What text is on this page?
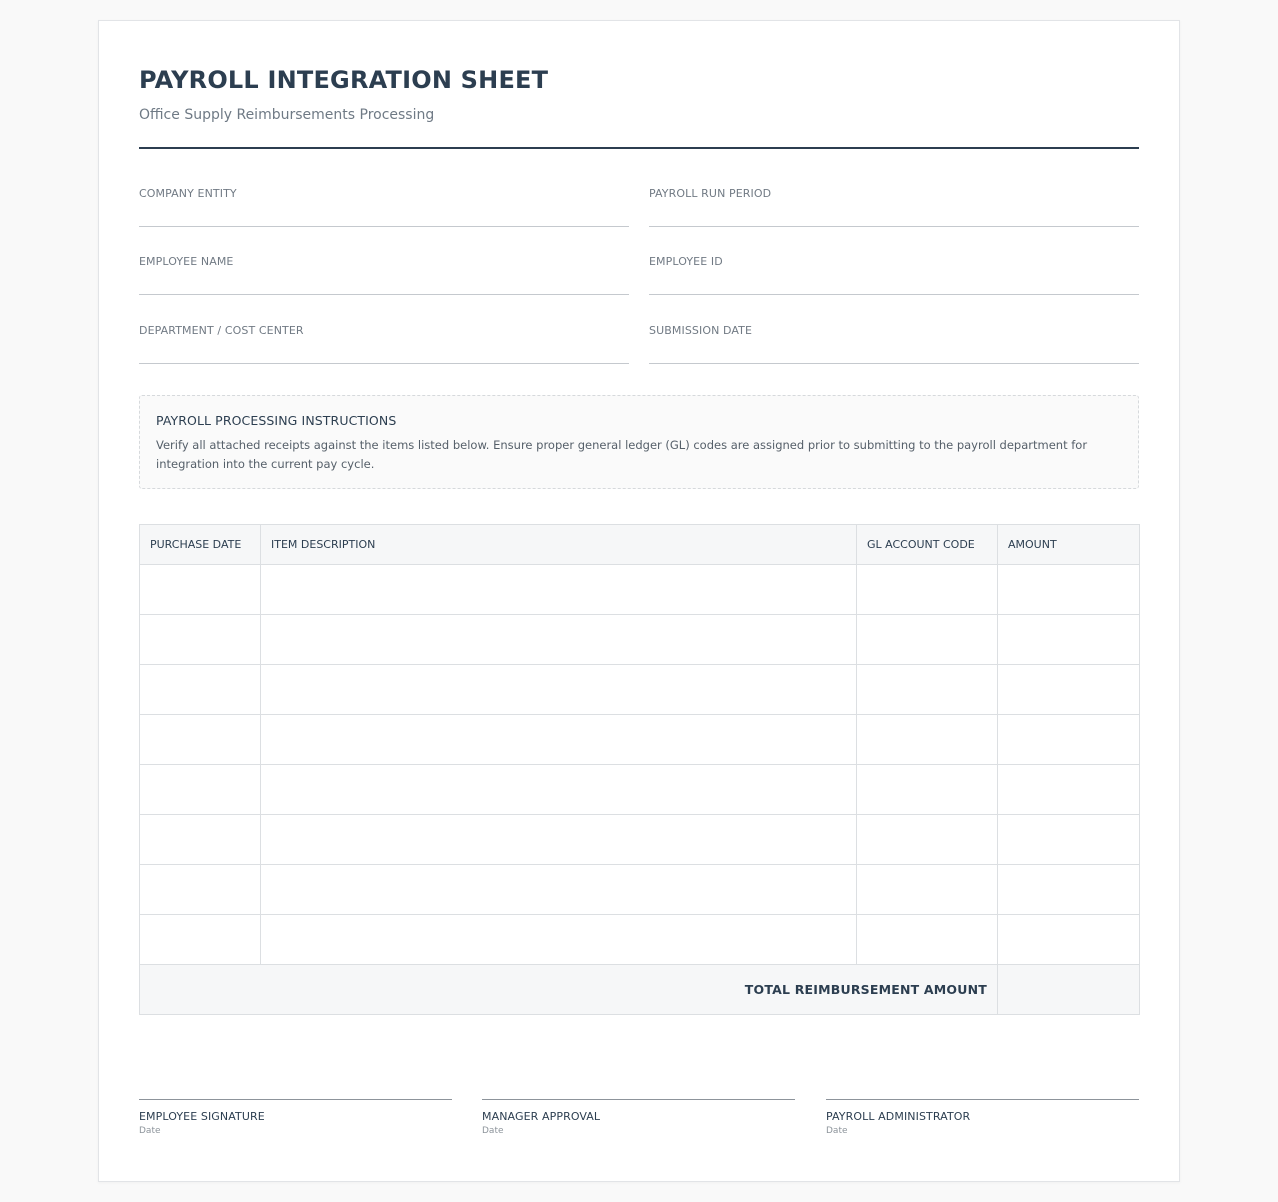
PAYROLL INTEGRATION SHEET
Office Supply Reimbursements Processing
COMPANY ENTITY	PAYROLL RUN PERIOD
EMPLOYEE NAME	EMPLOYEE ID
DEPARTMENT / COST CENTER	SUBMISSION DATE
PAYROLL PROCESSING INSTRUCTIONS
Verify all attached receipts against the items listed below. Ensure proper general ledger (GL) codes are assigned prior to submitting to the payroll department for integration into the current pay cycle.
PURCHASE DATE	ITEM DESCRIPTION	GL ACCOUNT CODE	AMOUNT

TOTAL REIMBURSEMENT AMOUNT			
EMPLOYEE SIGNATURE
Date
MANAGER APPROVAL
Date
PAYROLL ADMINISTRATOR
Date
